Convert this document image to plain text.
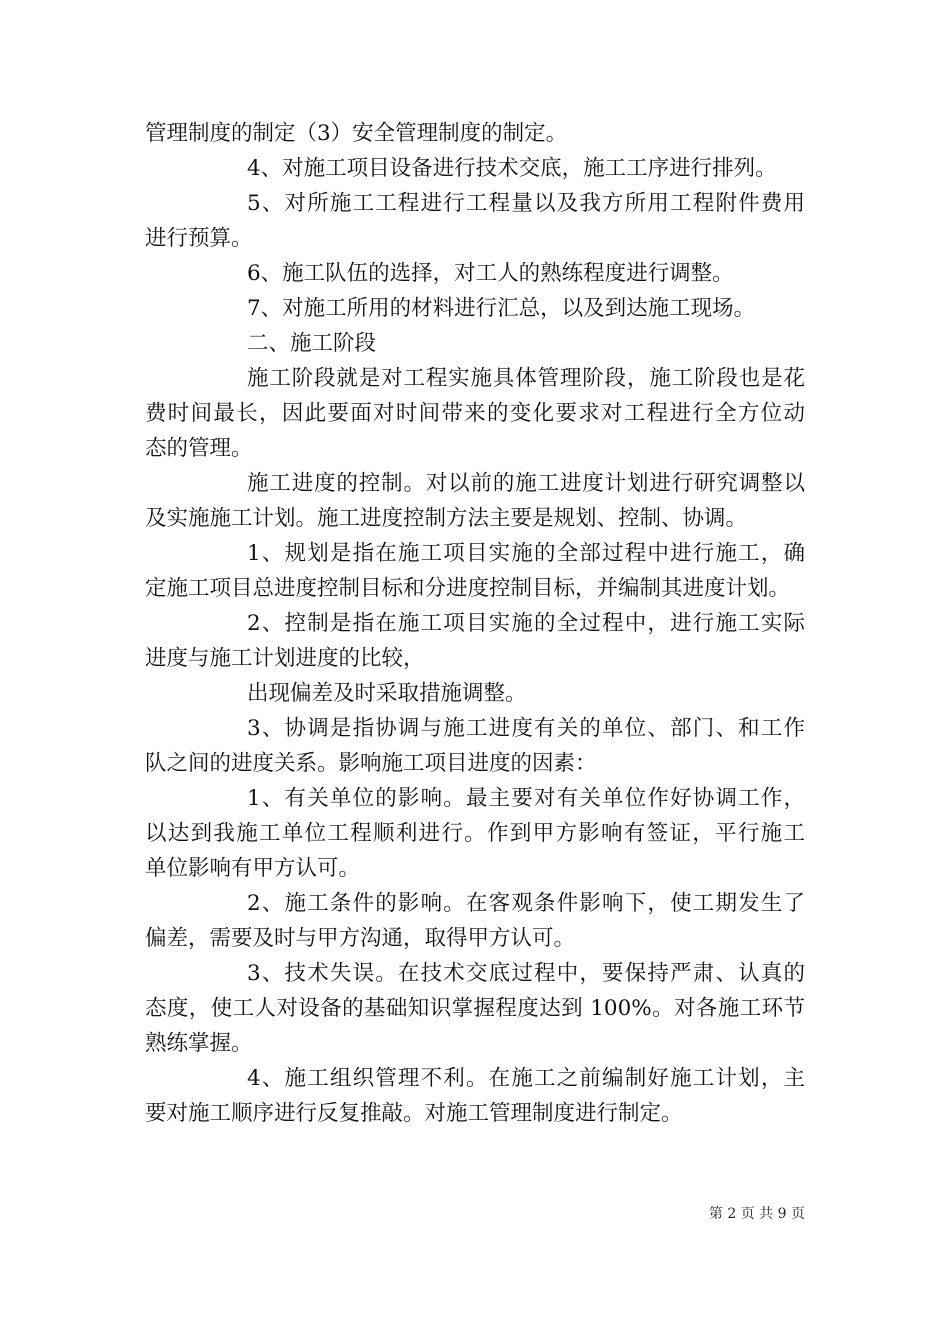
管理制度的制定（3）安全管理制度的制定。
4、对施工项目设备进行技术交底，施工工序进行排列。
5、对所施工工程进行工程量以及我方所用工程附件费用
进行预算。
6、施工队伍的选择，对工人的熟练程度进行调整。
7、对施工所用的材料进行汇总，以及到达施工现场。
二、施工阶段
施工阶段就是对工程实施具体管理阶段，施工阶段也是花
费时间最长，因此要面对时间带来的变化要求对工程进行全方位动
态的管理。
施工进度的控制。对以前的施工进度计划进行研究调整以
及实施施工计划。施工进度控制方法主要是规划、控制、协调。
1、规划是指在施工项目实施的全部过程中进行施工，确
定施工项目总进度控制目标和分进度控制目标，并编制其进度计划。
2、控制是指在施工项目实施的全过程中，进行施工实际
进度与施工计划进度的比较，
出现偏差及时采取措施调整。
3、协调是指协调与施工进度有关的单位、部门、和工作
队之间的进度关系。影响施工项目进度的因素：
1、有关单位的影响。最主要对有关单位作好协调工作，
以达到我施工单位工程顺利进行。作到甲方影响有签证，平行施工
单位影响有甲方认可。
2、施工条件的影响。在客观条件影响下，使工期发生了
偏差，需要及时与甲方沟通，取得甲方认可。
3、技术失误。在技术交底过程中，要保持严肃、认真的
态度，使工人对设备的基础知识掌握程度达到 100%。对各施工环节
熟练掌握。
4、施工组织管理不利。在施工之前编制好施工计划，主
要对施工顺序进行反复推敲。对施工管理制度进行制定。
第 2 页 共 9 页
